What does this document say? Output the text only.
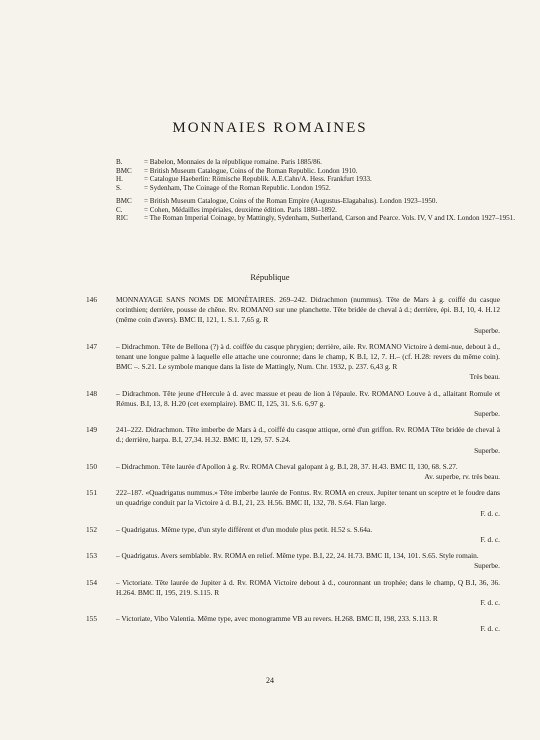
MONNAIES ROMAINES
B.	= Babelon, Monnaies de la république romaine. Paris 1885/86.
BMC	= British Museum Catalogue, Coins of the Roman Republic. London 1910.
H.	= Catalogue Haeberlin: Römische Republik. A.E.Cahn/A. Hess. Frankfurt 1933.
S.	= Sydenham, The Coinage of the Roman Republic. London 1952.
BMC	= British Museum Catalogue, Coins of the Roman Empire (Augustus-Elagabalus). London 1923–1950.
C.	= Cohen, Médailles impériales, deuxième édition. Paris 1880–1892.
RIC	= The Roman Imperial Coinage, by Mattingly, Sydenham, Sutherland, Carson and Pearce. Vols. IV, V and IX. London 1927–1951.
République
146	MONNAYAGE SANS NOMS DE MONÉTAIRES. 269–242. Didrachmon (nummus). Tête de Mars à g. coiffé du casque corinthien; derrière, pousse de chêne. Rv. ROMANO sur une planchette. Tête bridée de cheval à d.; derrière, épi. B.I, 10, 4. H.12 (même coin d'avers). BMC II, 121, 1. S.1. 7,65 g. R
Superbe.
147	– Didrachmon. Tête de Bellona (?) à d. coiffée du casque phrygien; derrière, aile. Rv. ROMANO Victoire à demi-nue, debout à d., tenant une longue palme à laquelle elle attache une couronne; dans le champ, K B.I, 12, 7. H.– (cf. H.28: revers du même coin). BMC –. S.21. Le symbole manque dans la liste de Mattingly, Num. Chr. 1932, p. 237. 6,43 g. R
Très beau.
148	– Didrachmon. Tête jeune d'Hercule à d. avec massue et peau de lion à l'épaule. Rv. ROMANO Louve à d., allaitant Romule et Rémus. B.I, 13, 8. H.20 (cet exemplaire). BMC II, 125, 31. S.6. 6,97 g.
Superbe.
149	241–222. Didrachmon. Tête imberbe de Mars à d., coiffé du casque attique, orné d'un griffon. Rv. ROMA Tête bridée de cheval à d.; derrière, harpa. B.I, 27,34. H.32. BMC II, 129, 57. S.24.
Superbe.
150	– Didrachmon. Tête laurée d'Apollon à g. Rv. ROMA Cheval galopant à g. B.I, 28, 37. H.43. BMC II, 130, 68. S.27.
Av. superbe, rv. très beau.
151	222–187. «Quadrigatus nummus.» Tête imberbe laurée de Fontus. Rv. ROMA en creux. Jupiter tenant un sceptre et le foudre dans un quadrige conduit par la Victoire à d. B.I, 21, 23. H.56. BMC II, 132, 78. S.64. Flan large.
F. d. c.
152	– Quadrigatus. Même type, d'un style différent et d'un module plus petit. H.52 s. S.64a.
F. d. c.
153	– Quadrigatus. Avers semblable. Rv. ROMA en relief. Même type. B.I, 22, 24. H.73. BMC II, 134, 101. S.65. Style romain.
Superbe.
154	– Victoriate. Tête laurée de Jupiter à d. Rv. ROMA Victoire debout à d., couronnant un trophée; dans le champ, Q B.I, 36, 36. H.264. BMC II, 195, 219. S.115. R
F. d. c.
155	– Victoriate, Vibo Valentia. Même type, avec monogramme VB au revers. H.268. BMC II, 198, 233. S.113. R
F. d. c.
24
